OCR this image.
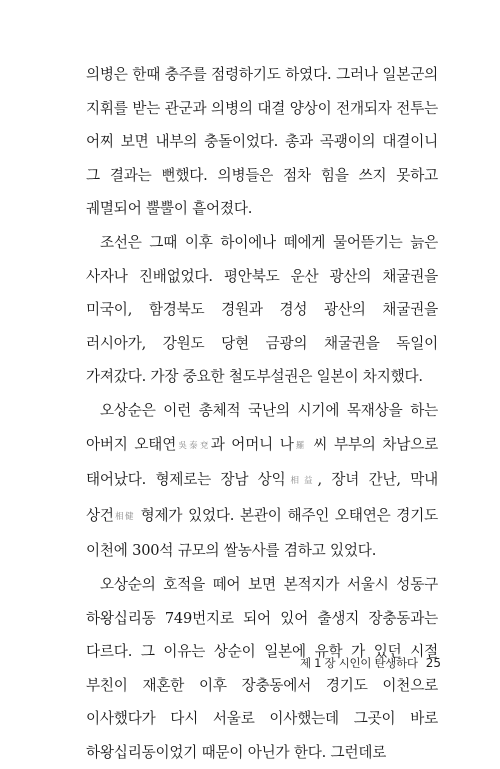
의병은 한때 충주를 점령하기도 하였다. 그러나 일본군의 지휘를 받는 관군과 의병의 대결 양상이 전개되자 전투는 어찌 보면 내부의 충돌이었다. 총과 곡괭이의 대결이니 그 결과는 뻔했다. 의병들은 점차 힘을 쓰지 못하고 궤멸되어 뿔뿔이 흩어졌다.

조선은 그때 이후 하이에나 떼에게 물어뜯기는 늙은 사자나 진배없었다. 평안북도 운산 광산의 채굴권을 미국이, 함경북도 경원과 경성 광산의 채굴권을 러시아가, 강원도 당현 금광의 채굴권을 독일이 가져갔다. 가장 중요한 철도부설권은 일본이 차지했다.

오상순은 이런 총체적 국난의 시기에 목재상을 하는 아버지 오태연吳泰兗과 어머니 나羅 씨 부부의 차남으로 태어났다. 형제로는 장남 상익相益, 장녀 간난, 막내 상건相健 형제가 있었다. 본관이 해주인 오태연은 경기도 이천에 300석 규모의 쌀농사를 겸하고 있었다.

오상순의 호적을 떼어 보면 본적지가 서울시 성동구 하왕십리동 749번지로 되어 있어 출생지 장충동과는 다르다. 그 이유는 상순이 일본에 유학 가 있던 시절 부친이 재혼한 이후 장충동에서 경기도 이천으로 이사했다가 다시 서울로 이사했는데 그곳이 바로 하왕십리동이었기 때문이 아닌가 한다. 그런데로

제 1 장 시인이 탄생하다 25
